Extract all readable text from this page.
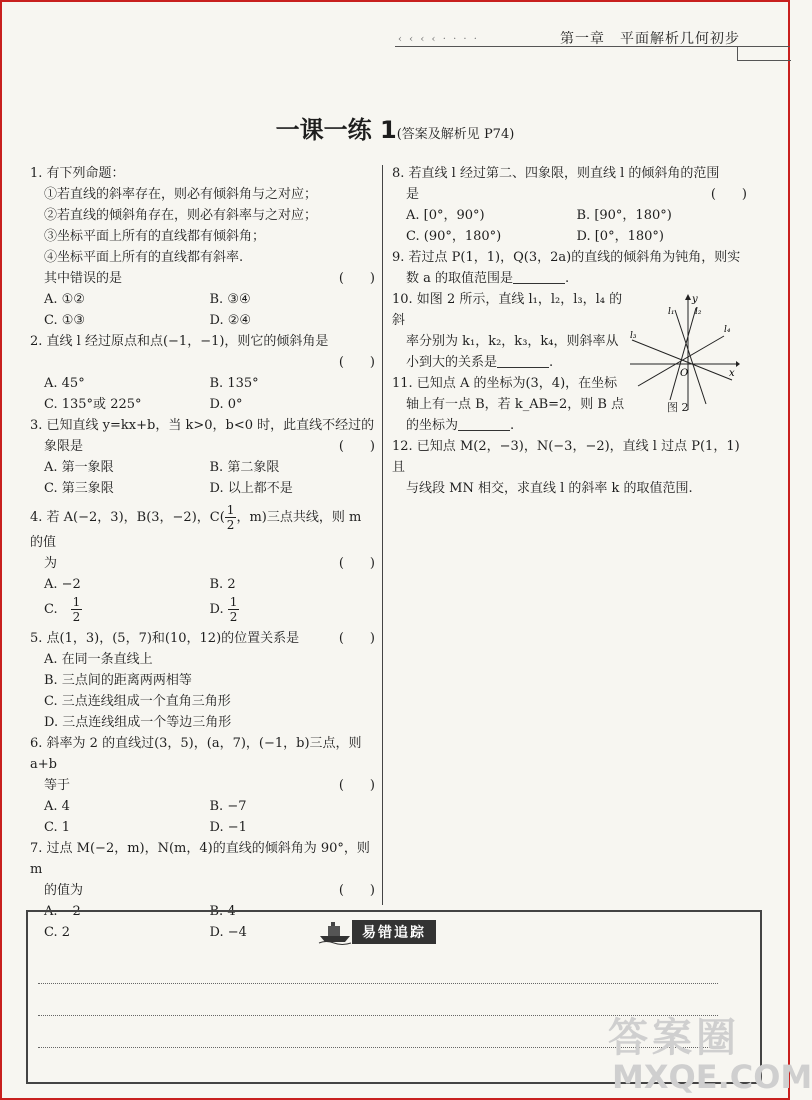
‹ ‹ ‹ ‹ · · · ·	第一章　平面解析几何初步
一课一练 1(答案及解析见 P74)
1. 有下列命题：
①若直线的斜率存在，则必有倾斜角与之对应；
②若直线的倾斜角存在，则必有斜率与之对应；
③坐标平面上所有的直线都有倾斜角；
④坐标平面上所有的直线都有斜率.
其中错误的是	(　　)
A. ①②	B. ③④
C. ①③	D. ②④
2. 直线 l 经过原点和点(−1，−1)，则它的倾斜角是
(　　)
A. 45°	B. 135°
C. 135°或 225°	D. 0°
3. 已知直线 y=kx+b，当 k>0，b<0 时，此直线不经过的
象限是	(　　)
A. 第一象限	B. 第二象限
C. 第三象限	D. 以上都不是
4. 若 A(−2，3)，B(3，−2)，$C( \frac{1}{2}$ ，m)三点共线，则 m 的值
为	(　　)
A. −2	B. 2
C.　 $\frac{1}{2}$	D. $\frac{1}{2}$
5. 点(1，3)，(5，7)和(10，12)的位置关系是	(　　)
A. 在同一条直线上
B. 三点间的距离两两相等
C. 三点连线组成一个直角三角形
D. 三点连线组成一个等边三角形
6. 斜率为 2 的直线过(3，5)，(a，7)，(−1，b)三点，则 a+b
等于	(　　)
A. 4	B. −7
C. 1	D. −1
7. 过点 M(−2，m)，N(m，4)的直线的倾斜角为 90°，则 m
的值为	(　　)
A. −2	B. 4
C. 2	D. −4
8. 若直线 l 经过第二、四象限，则直线 l 的倾斜角的范围
是	(　　)
A. [0°，90°)	B. [90°，180°)
C. (90°，180°)	D. [0°，180°)
9. 若过点 P(1，1)，Q(3，2a)的直线的倾斜角为钝角，则实
数 a 的取值范围是	.
10. 如图 2 所示，直线 l₁，l₂，l₃，l₄ 的斜
率分别为 k₁，k₂，k₃，k₄，则斜率从
小到大的关系是	.
11. 已知点 A 的坐标为(3，4)，在坐标
轴上有一点 B，若 k_AB=2，则 B 点
的坐标为	.
12. 已知点 M(2，−3)，N(−3，−2)，直线 l 过点 P(1，1)且
与线段 MN 相交，求直线 l 的斜率 k 的取值范围.
y
x
O
l₁ l₂
l₃
l₄
图 2
易错追踪
答案圈
MXQE.COM
